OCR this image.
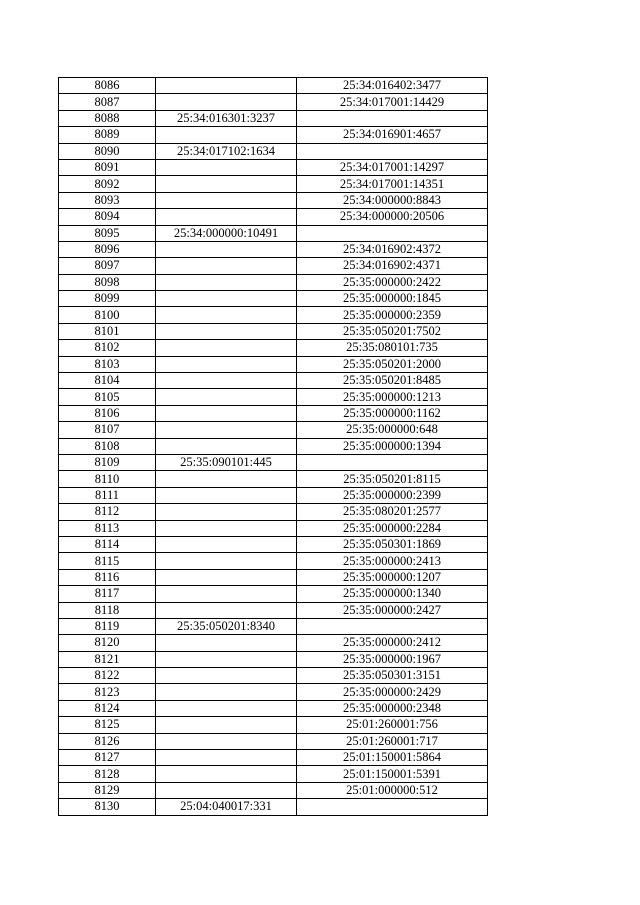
8086		25:34:016402:3477
8087		25:34:017001:14429
8088	25:34:016301:3237	
8089		25:34:016901:4657
8090	25:34:017102:1634	
8091		25:34:017001:14297
8092		25:34:017001:14351
8093		25:34:000000:8843
8094		25:34:000000:20506
8095	25:34:000000:10491	
8096		25:34:016902:4372
8097		25:34:016902:4371
8098		25:35:000000:2422
8099		25:35:000000:1845
8100		25:35:000000:2359
8101		25:35:050201:7502
8102		25:35:080101:735
8103		25:35:050201:2000
8104		25:35:050201:8485
8105		25:35:000000:1213
8106		25:35:000000:1162
8107		25:35:000000:648
8108		25:35:000000:1394
8109	25:35:090101:445	
8110		25:35:050201:8115
8111		25:35:000000:2399
8112		25:35:080201:2577
8113		25:35:000000:2284
8114		25:35:050301:1869
8115		25:35:000000:2413
8116		25:35:000000:1207
8117		25:35:000000:1340
8118		25:35:000000:2427
8119	25:35:050201:8340	
8120		25:35:000000:2412
8121		25:35:000000:1967
8122		25:35:050301:3151
8123		25:35:000000:2429
8124		25:35:000000:2348
8125		25:01:260001:756
8126		25:01:260001:717
8127		25:01:150001:5864
8128		25:01:150001:5391
8129		25:01:000000:512
8130	25:04:040017:331	
